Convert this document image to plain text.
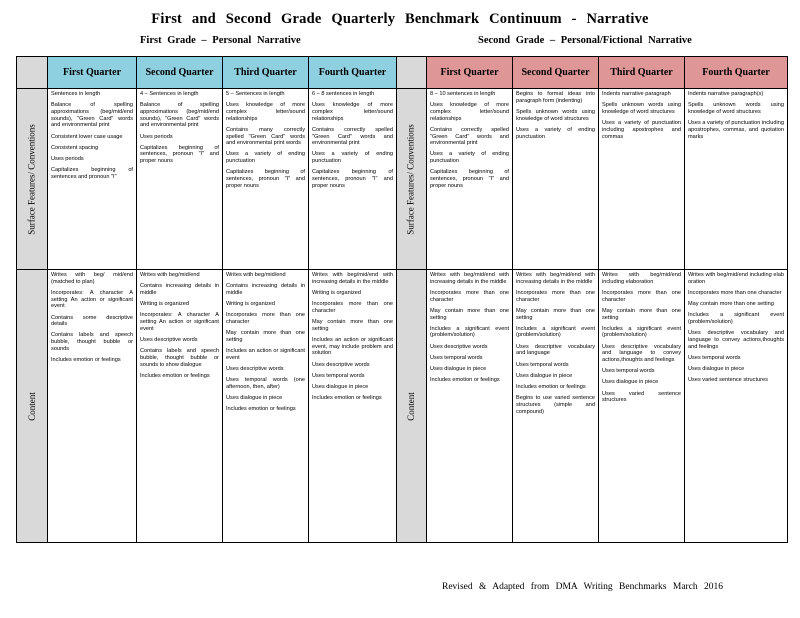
First and Second Grade Quarterly Benchmark Continuum - Narrative
First Grade – Personal Narrative	Second Grade – Personal/Fictional Narrative
Surface Features/ Conventions
Content
First Quarter
Sentences in length
Balance of spelling approximations (beg/mid/end sounds), "Green Card" words and environmental print
Consistent lower case usage
Consistent spacing
Uses periods
Capitalizes beginning of sentences and pronoun "I"
Writes with beg/ mid/end (matched to plan)
Incorporates: A character A setting An action or significant event
Contains some descriptive details
Contains labels and speech bubble, thought bubble or sounds
Includes emotion or feelings
Second Quarter
4 – Sentences in length
Balance of spelling approximations (beg/mid/end sounds), "Green Card" words and environmental print
Uses periods
Capitalizes beginning of sentences, pronoun "I" and proper nouns
Writes with beg/mid/end
Contains increasing details in middle
Writing is organized
Incorporates: A character A setting An action or significant event
Uses descriptive words
Contains labels and speech bubble, thought bubble or sounds to show dialogue
Includes emotion or feelings
Third Quarter
5 – Sentences in length
Uses knowledge of more complex letter/sound relationships
Contains many correctly spelled "Green Card" words and environmental print words
Uses a variety of ending punctuation
Capitalizes beginning of sentences, pronoun "I" and proper nouns
Writes with beg/mid/end
Contains increasing details in middle
Writing is organized
Incorporates more than one character
May contain more than one setting
Includes an action or significant event
Uses descriptive words
Uses temporal words (one afternoon, then, after)
Uses dialogue in piece
Includes emotion or feelings
Fourth Quarter
6 – 8 sentences in length
Uses knowledge of more complex letter/sound relationships
Contains correctly spelled "Green Card" words and environmental print
Uses a variety of ending punctuation
Capitalizes beginning of sentences, pronoun "I" and proper nouns
Writes with beg/mid/end with increasing details in the middle
Writing is organized
Incorporates more than one character
May contain more than one setting
Includes an action or significant event, may include problem and solution
Uses descriptive words
Uses temporal words
Uses dialogue in piece
Includes emotion or feelings
Surface Features/ Conventions
Content
First Quarter
8 – 10 sentences in length
Uses knowledge of more complex letter/sound relationships
Contains correctly spelled "Green Card" words and environmental print
Uses a variety of ending punctuation
Capitalizes beginning of sentences, pronoun "I" and proper nouns
Writes with beg/mid/end with increasing details in the middle
Incorporates more than one character
May contain more than one setting
Includes a significant event (problem/solution)
Uses descriptive words
Uses temporal words
Uses dialogue in piece
Includes emotion or feelings
Second Quarter
Begins to format ideas into paragraph form (indenting)
Spells unknown words using knowledge of word structures
Uses a variety of ending punctuation
Writes with beg/mid/end with increasing details in the middle
Incorporates more than one character
May contain more than one setting
Includes a significant event (problem/solution)
Uses descriptive vocabulary and language
Uses temporal words
Uses dialogue in piece
Includes emotion or feelings
Begins to use varied sentence structures (simple and compound)
Third Quarter
Indents narrative paragraph
Spells unknown words using knowledge of word structures
Uses a variety of punctuation including apostrophes and commas
Writes with beg/mid/end including elaboration
Incorporates more than one character
May contain more than one setting
Includes a significant event (problem/solution)
Uses descriptive vocabulary and language to convey actions,thoughts and feelings
Uses temporal words
Uses dialogue in piece
Uses varied sentence structures
Fourth Quarter
Indents narrative paragraph(s)
Spells unknown words using knowledge of word structures
Uses a variety of punctuation including apostrophes, commas, and quotation marks
Writes with beg/mid/end including elab oration
Incorporates more than one character
May contain more than one setting
Includes a significant event (problem/solution)
Uses descriptive vocabulary and language to convey actions,thoughts and feelings
Uses temporal words
Uses dialogue in piece
Uses varied sentence structures
Revised & Adapted from DMA Writing Benchmarks March 2016
